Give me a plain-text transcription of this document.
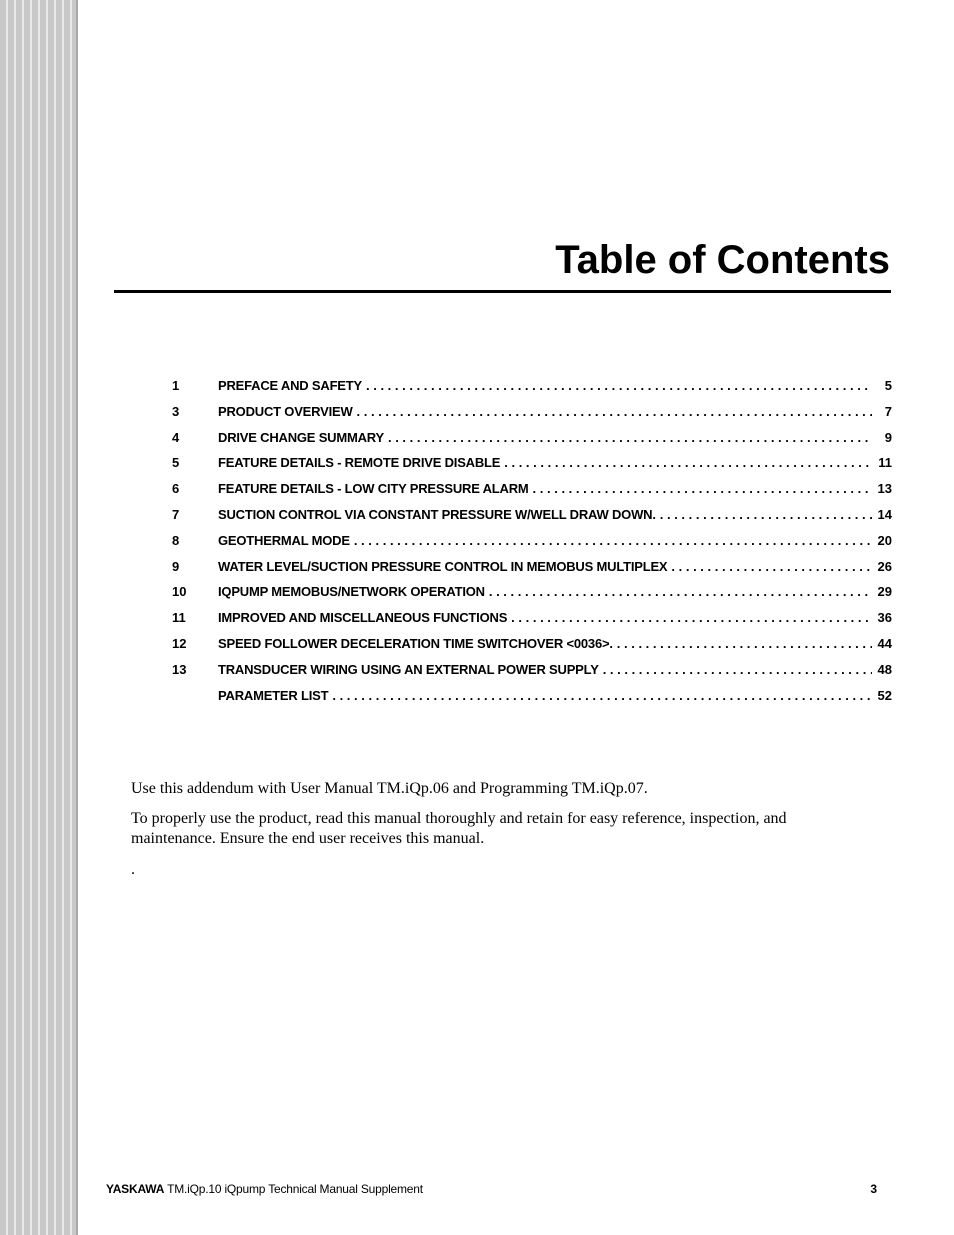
Table of Contents
1	PREFACE AND SAFETY . . .	5
3	PRODUCT OVERVIEW . . .	7
4	DRIVE CHANGE SUMMARY . . .	9
5	FEATURE DETAILS - REMOTE DRIVE DISABLE . . .	11
6	FEATURE DETAILS - LOW CITY PRESSURE ALARM . . .	13
7	SUCTION CONTROL VIA CONSTANT PRESSURE W/WELL DRAW DOWN. . . .	14
8	GEOTHERMAL MODE . . .	20
9	WATER LEVEL/SUCTION PRESSURE CONTROL IN MEMOBUS MULTIPLEX . . .	26
10	IQPUMP MEMOBUS/NETWORK OPERATION . . .	29
11	IMPROVED AND MISCELLANEOUS FUNCTIONS . . .	36
12	SPEED FOLLOWER DECELERATION TIME SWITCHOVER <0036>. . . .	44
13	TRANSDUCER WIRING USING AN EXTERNAL POWER SUPPLY . . .	48
PARAMETER LIST . . .	52

Use this addendum with User Manual TM.iQp.06 and Programming TM.iQp.07.

To properly use the product, read this manual thoroughly and retain for easy reference, inspection, and maintenance. Ensure the end user receives this manual.

.

YASKAWA TM.iQp.10 iQpump Technical Manual Supplement	3
